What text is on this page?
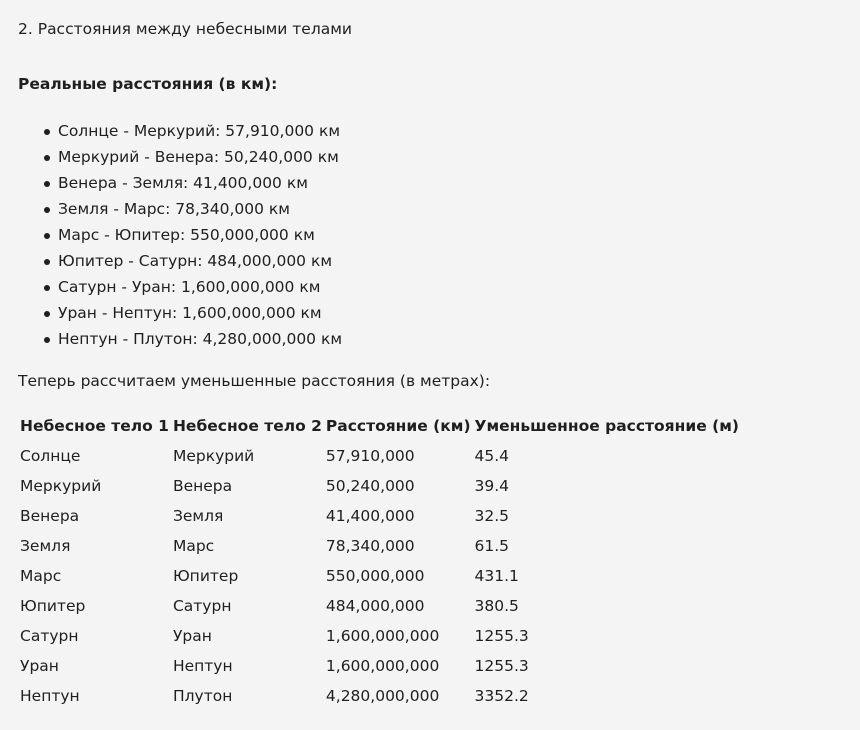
2. Расстояния между небесными телами
Реальные расстояния (в км):
Солнце - Меркурий: 57,910,000 км
Меркурий - Венера: 50,240,000 км
Венера - Земля: 41,400,000 км
Земля - Марс: 78,340,000 км
Марс - Юпитер: 550,000,000 км
Юпитер - Сатурн: 484,000,000 км
Сатурн - Уран: 1,600,000,000 км
Уран - Нептун: 1,600,000,000 км
Нептун - Плутон: 4,280,000,000 км
Теперь рассчитаем уменьшенные расстояния (в метрах):
Небесное тело 1	Небесное тело 2	Расстояние (км)	Уменьшенное расстояние (м)
Солнце	Меркурий	57,910,000	45.4
Меркурий	Венера	50,240,000	39.4
Венера	Земля	41,400,000	32.5
Земля	Марс	78,340,000	61.5
Марс	Юпитер	550,000,000	431.1
Юпитер	Сатурн	484,000,000	380.5
Сатурн	Уран	1,600,000,000	1255.3
Уран	Нептун	1,600,000,000	1255.3
Нептун	Плутон	4,280,000,000	3352.2
